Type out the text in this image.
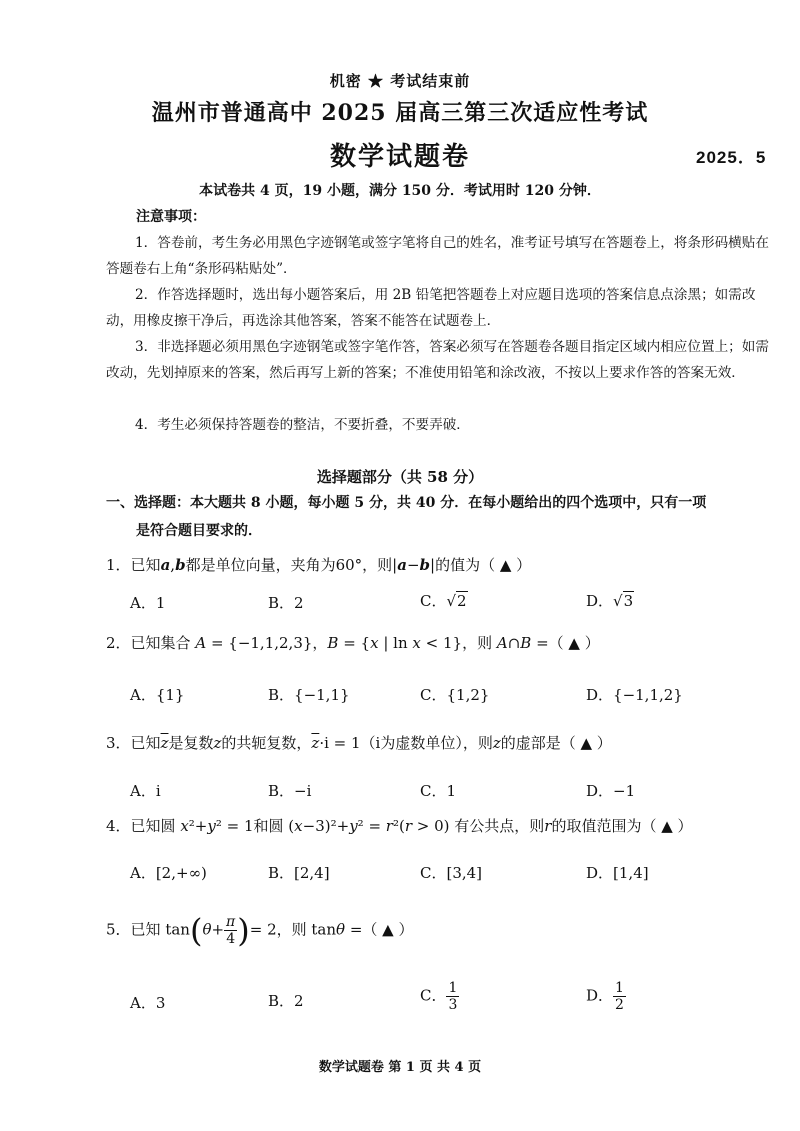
机密 ★ 考试结束前
温州市普通高中 2025 届高三第三次适应性考试
数学试题卷	2025．5
本试卷共 4 页，19 小题，满分 150 分．考试用时 120 分钟．
注意事项：
1．答卷前，考生务必用黑色字迹钢笔或签字笔将自己的姓名，准考证号填写在答题卷上，将条形码横贴在答题卷右上角“条形码粘贴处”．
2．作答选择题时，选出每小题答案后，用 2B 铅笔把答题卷上对应题目选项的答案信息点涂黑；如需改动，用橡皮擦干净后，再选涂其他答案，答案不能答在试题卷上．
3．非选择题必须用黑色字迹钢笔或签字笔作答，答案必须写在答题卷各题目指定区域内相应位置上；如需改动，先划掉原来的答案，然后再写上新的答案；不准使用铅笔和涂改液，不按以上要求作答的答案无效．
4．考生必须保持答题卷的整洁，不要折叠，不要弄破．
选择题部分（共 58 分）
一、选择题：本大题共 8 小题，每小题 5 分，共 40 分．在每小题给出的四个选项中，只有一项
是符合题目要求的．
1．已知a,b都是单位向量，夹角为60°，则|a−b|的值为（ ▲ ）
A．1	B．2	C．√2	D．√3
2．已知集合 A = {−1,1,2,3}，B = {x | ln x < 1}，则 A∩B =（ ▲ ）
A．{1}	B．{−1,1}	C．{1,2}	D．{−1,1,2}
3．已知$\overline{z}$是复数z的共轭复数，$\overline{z}\cdot i = 1(i$为虚数单位），则z的虚部是（ ▲ ）
A．i	B．−i	C．1	D．−1
4．已知圆 x²+y² = 1和圆 (x−3)²+y² = r²(r > 0) 有公共点，则r的取值范围为（ ▲ ）
A．[2,+∞)	B．[2,4]	C．[3,4]	D．[1,4]
5．已知 $\tan(\theta+ \frac{\pi}{4}$ )= 2，则 tanθ =（ ▲ ）
A．3	B．2	C． $\frac{1}{3}$	D． $\frac{1}{2}$
数学试题卷 第 1 页 共 4 页
